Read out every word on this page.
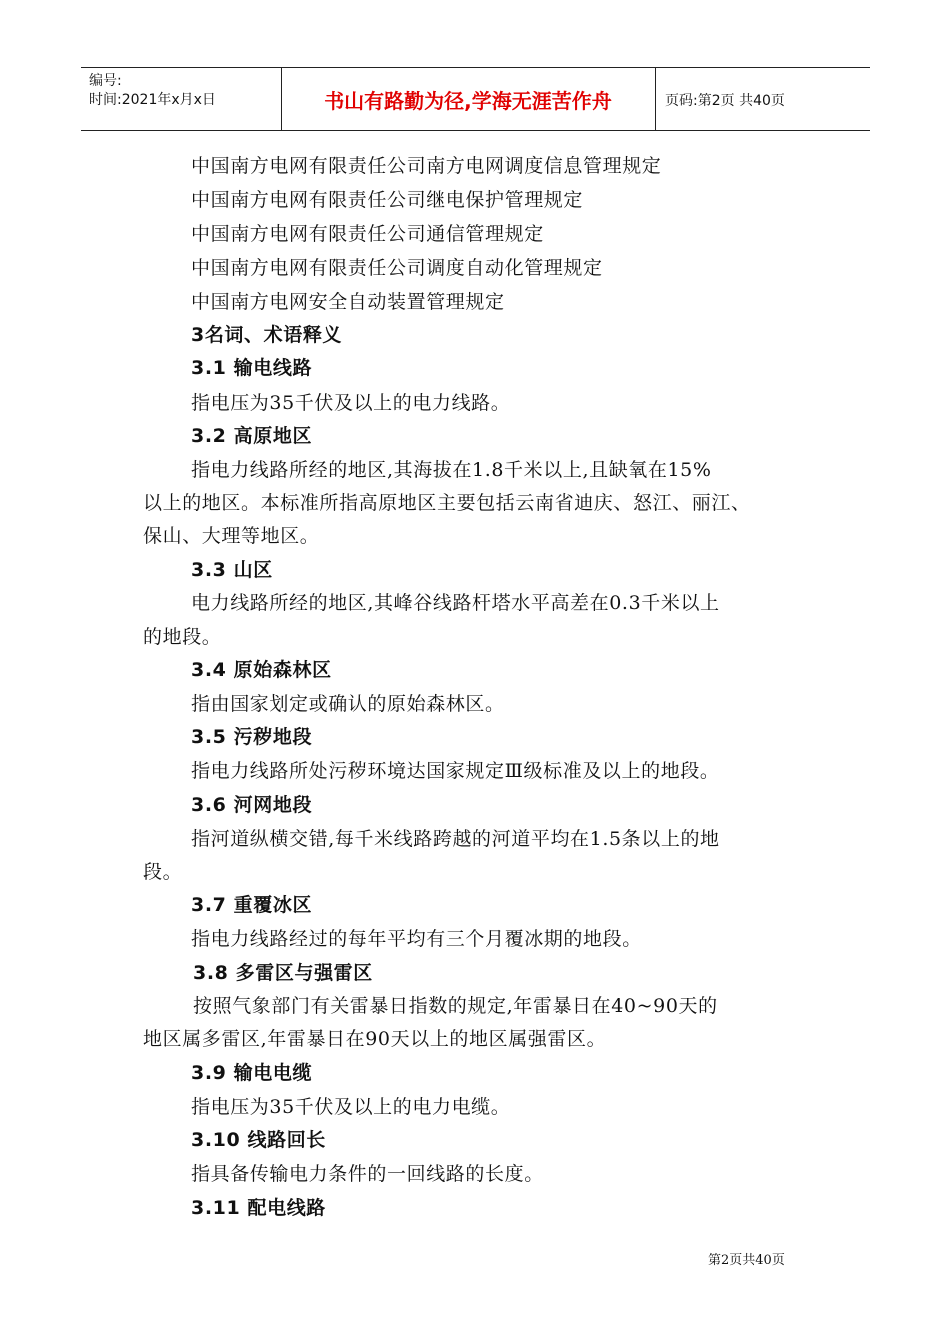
编号:
时间:2021年x月x日	书山有路勤为径,学海无涯苦作舟	页码:第2页 共40页
中国南方电网有限责任公司南方电网调度信息管理规定
中国南方电网有限责任公司继电保护管理规定
中国南方电网有限责任公司通信管理规定
中国南方电网有限责任公司调度自动化管理规定
中国南方电网安全自动装置管理规定
3名词、术语释义
3.1 输电线路
指电压为35千伏及以上的电力线路。
3.2 高原地区
指电力线路所经的地区,其海拔在1.8千米以上,且缺氧在15%
以上的地区。本标准所指高原地区主要包括云南省迪庆、怒江、丽江、
保山、大理等地区。
3.3 山区
电力线路所经的地区,其峰谷线路杆塔水平高差在0.3千米以上
的地段。
3.4 原始森林区
指由国家划定或确认的原始森林区。
3.5 污秽地段
指电力线路所处污秽环境达国家规定Ⅲ级标准及以上的地段。
3.6 河网地段
指河道纵横交错,每千米线路跨越的河道平均在1.5条以上的地
段。
3.7 重覆冰区
指电力线路经过的每年平均有三个月覆冰期的地段。
3.8 多雷区与强雷区
按照气象部门有关雷暴日指数的规定,年雷暴日在40~90天的
地区属多雷区,年雷暴日在90天以上的地区属强雷区。
3.9 输电电缆
指电压为35千伏及以上的电力电缆。
3.10 线路回长
指具备传输电力条件的一回线路的长度。
3.11 配电线路
第2页共40页
